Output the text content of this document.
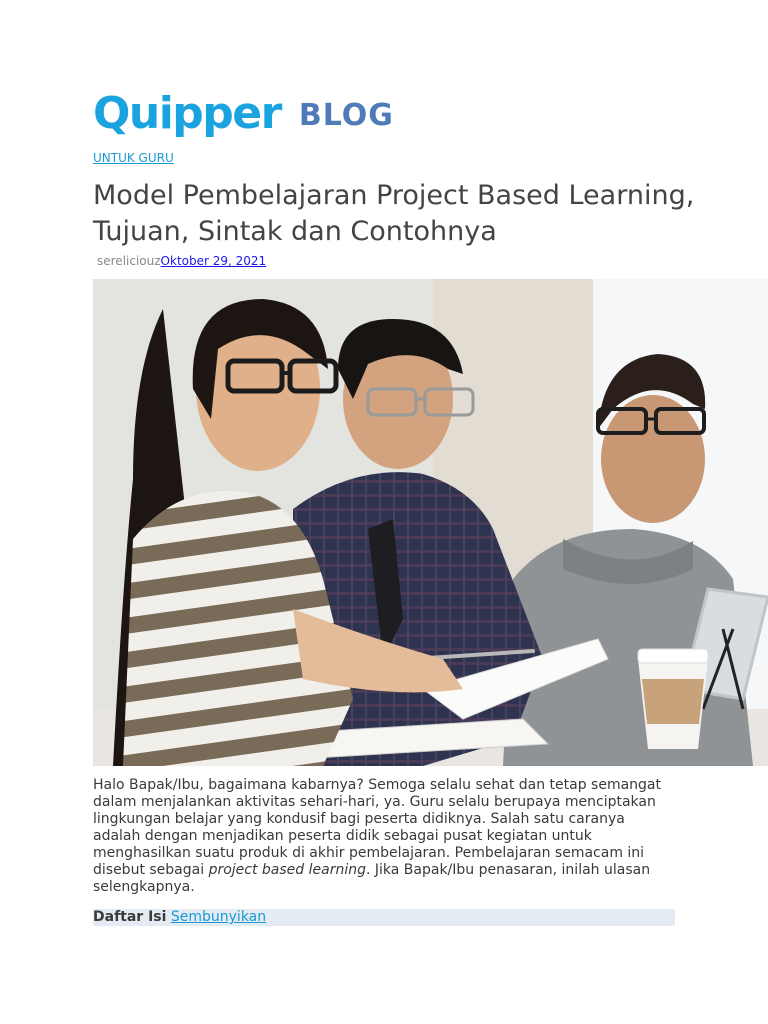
Quipper BLOG
UNTUK GURU
Model Pembelajaran Project Based Learning, Tujuan, Sintak dan Contohnya
sereliciouzOktober 29, 2021

Halo Bapak/Ibu, bagaimana kabarnya? Semoga selalu sehat dan tetap semangat dalam menjalankan aktivitas sehari-hari, ya. Guru selalu berupaya menciptakan lingkungan belajar yang kondusif bagi peserta didiknya. Salah satu caranya adalah dengan menjadikan peserta didik sebagai pusat kegiatan untuk menghasilkan suatu produk di akhir pembelajaran. Pembelajaran semacam ini disebut sebagai project based learning. Jika Bapak/Ibu penasaran, inilah ulasan selengkapnya.

Daftar Isi Sembunyikan
